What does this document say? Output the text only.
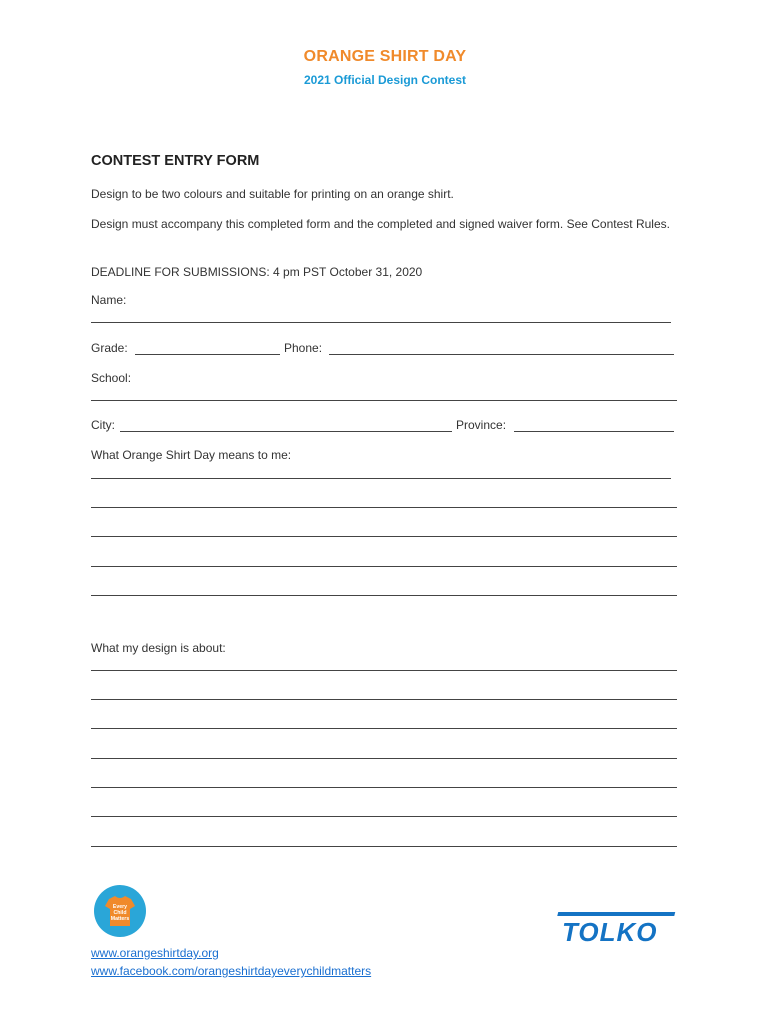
ORANGE SHIRT DAY
2021 Official Design Contest
CONTEST ENTRY FORM
Design to be two colours and suitable for printing on an orange shirt.
Design must accompany this completed form and the completed and signed waiver form. See Contest Rules.
DEADLINE FOR SUBMISSIONS: 4 pm PST October 31, 2020
Name:
Grade:	Phone:
School:
City:	Province:
What Orange Shirt Day means to me:
What my design is about:
Every
Child
Matters
www.orangeshirtday.org
www.facebook.com/orangeshirtdayeverychildmatters
TOLKO
